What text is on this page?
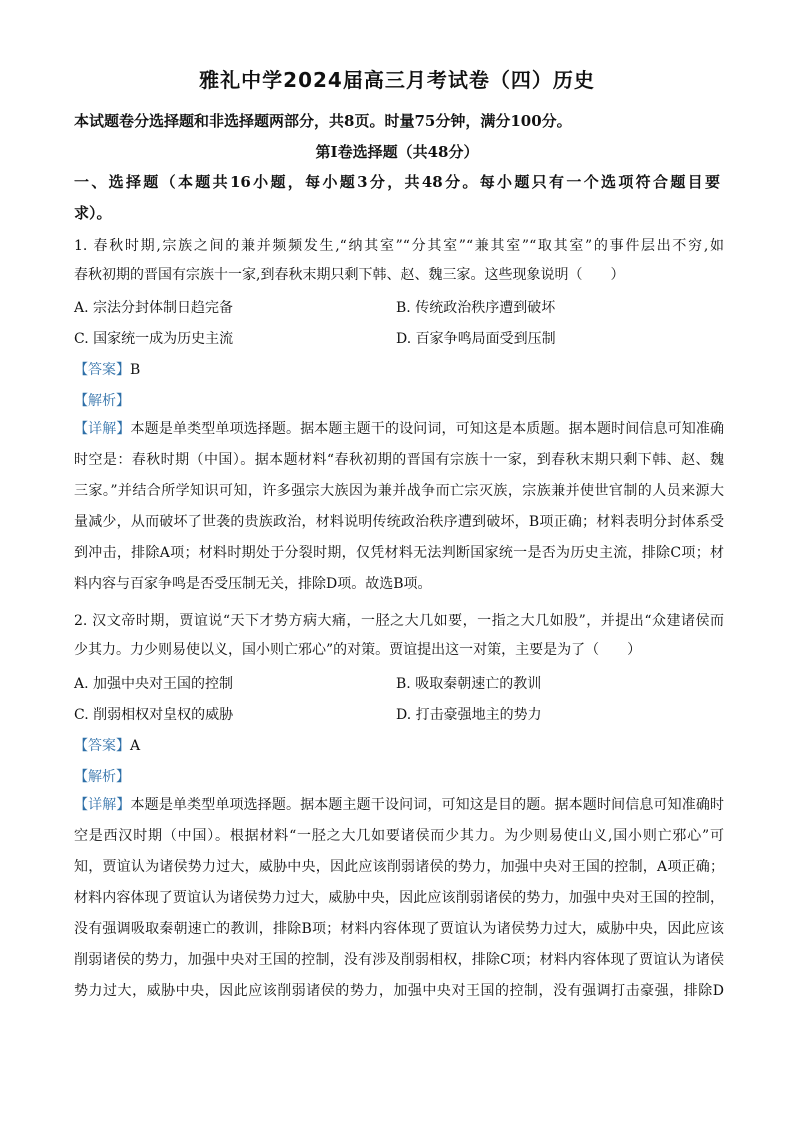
雅礼中学2024届高三月考试卷（四）历史
本试题卷分选择题和非选择题两部分，共8页。时量75分钟，满分100分。
第Ⅰ卷选择题（共48分）
一、选择题（本题共16小题，每小题3分，共48分。每小题只有一个选项符合题目要
求）。
1. 春秋时期,宗族之间的兼并频频发生,“纳其室”“分其室”“兼其室”“取其室”的事件层出不穷,如
春秋初期的晋国有宗族十一家,到春秋末期只剩下韩、赵、魏三家。这些现象说明（　　）
A. 宗法分封体制日趋完备	B. 传统政治秩序遭到破坏
C. 国家统一成为历史主流	D. 百家争鸣局面受到压制
【答案】B
【解析】
【详解】本题是单类型单项选择题。据本题主题干的设问词，可知这是本质题。据本题时间信息可知准确
时空是：春秋时期（中国）。据本题材料“春秋初期的晋国有宗族十一家，到春秋末期只剩下韩、赵、魏
三家。”并结合所学知识可知，许多强宗大族因为兼并战争而亡宗灭族，宗族兼并使世官制的人员来源大
量减少，从而破坏了世袭的贵族政治，材料说明传统政治秩序遭到破坏，B项正确；材料表明分封体系受
到冲击，排除A项；材料时期处于分裂时期，仅凭材料无法判断国家统一是否为历史主流，排除C项；材
料内容与百家争鸣是否受压制无关，排除D项。故选B项。
2. 汉文帝时期，贾谊说“天下才势方病大痛，一胫之大几如要，一指之大几如股”，并提出“众建诸侯而
少其力。力少则易使以义，国小则亡邪心”的对策。贾谊提出这一对策，主要是为了（　　）
A. 加强中央对王国的控制	B. 吸取秦朝速亡的教训
C. 削弱相权对皇权的威胁	D. 打击豪强地主的势力
【答案】A
【解析】
【详解】本题是单类型单项选择题。据本题主题干设问词，可知这是目的题。据本题时间信息可知准确时
空是西汉时期（中国）。根据材料“一胫之大几如要诸侯而少其力。为少则易使山义,国小则亡邪心”可
知，贾谊认为诸侯势力过大，威胁中央，因此应该削弱诸侯的势力，加强中央对王国的控制，A项正确；
材料内容体现了贾谊认为诸侯势力过大，威胁中央，因此应该削弱诸侯的势力，加强中央对王国的控制，
没有强调吸取秦朝速亡的教训，排除B项；材料内容体现了贾谊认为诸侯势力过大，威胁中央，因此应该
削弱诸侯的势力，加强中央对王国的控制，没有涉及削弱相权，排除C项；材料内容体现了贾谊认为诸侯
势力过大，威胁中央，因此应该削弱诸侯的势力，加强中央对王国的控制，没有强调打击豪强，排除D
